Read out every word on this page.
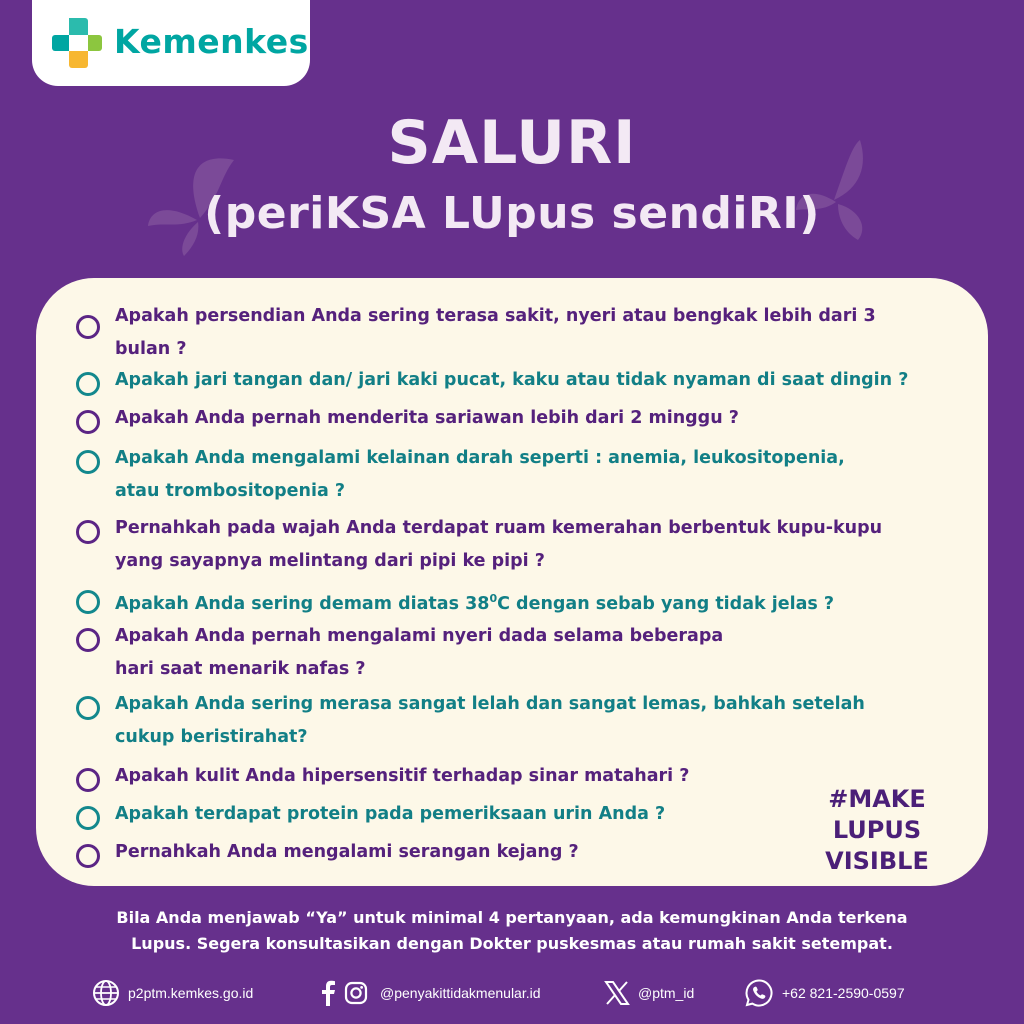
Kemenkes
SALURI
(periKSA LUpus sendiRI)
Apakah persendian Anda sering terasa sakit, nyeri atau bengkak lebih dari 3
bulan ?
Apakah jari tangan dan/ jari kaki pucat, kaku atau tidak nyaman di saat dingin ?
Apakah Anda pernah menderita sariawan lebih dari 2 minggu ?
Apakah Anda mengalami kelainan darah seperti : anemia, leukositopenia,
atau trombositopenia ?
Pernahkah pada wajah Anda terdapat ruam kemerahan berbentuk kupu-kupu
yang sayapnya melintang dari pipi ke pipi ?
Apakah Anda sering demam diatas $38^0C$ dengan sebab yang tidak jelas ?
Apakah Anda pernah mengalami nyeri dada selama beberapa
hari saat menarik nafas ?
Apakah Anda sering merasa sangat lelah dan sangat lemas, bahkah setelah
cukup beristirahat?
Apakah kulit Anda hipersensitif terhadap sinar matahari ?
Apakah terdapat protein pada pemeriksaan urin Anda ?
Pernahkah Anda mengalami serangan kejang ?
#MAKE
LUPUS
VISIBLE
Bila Anda menjawab “Ya” untuk minimal 4 pertanyaan, ada kemungkinan Anda terkena
Lupus. Segera konsultasikan dengan Dokter puskesmas atau rumah sakit setempat.
p2ptm.kemkes.go.id	@penyakittidakmenular.id	@ptm_id	+62 821-2590-0597
